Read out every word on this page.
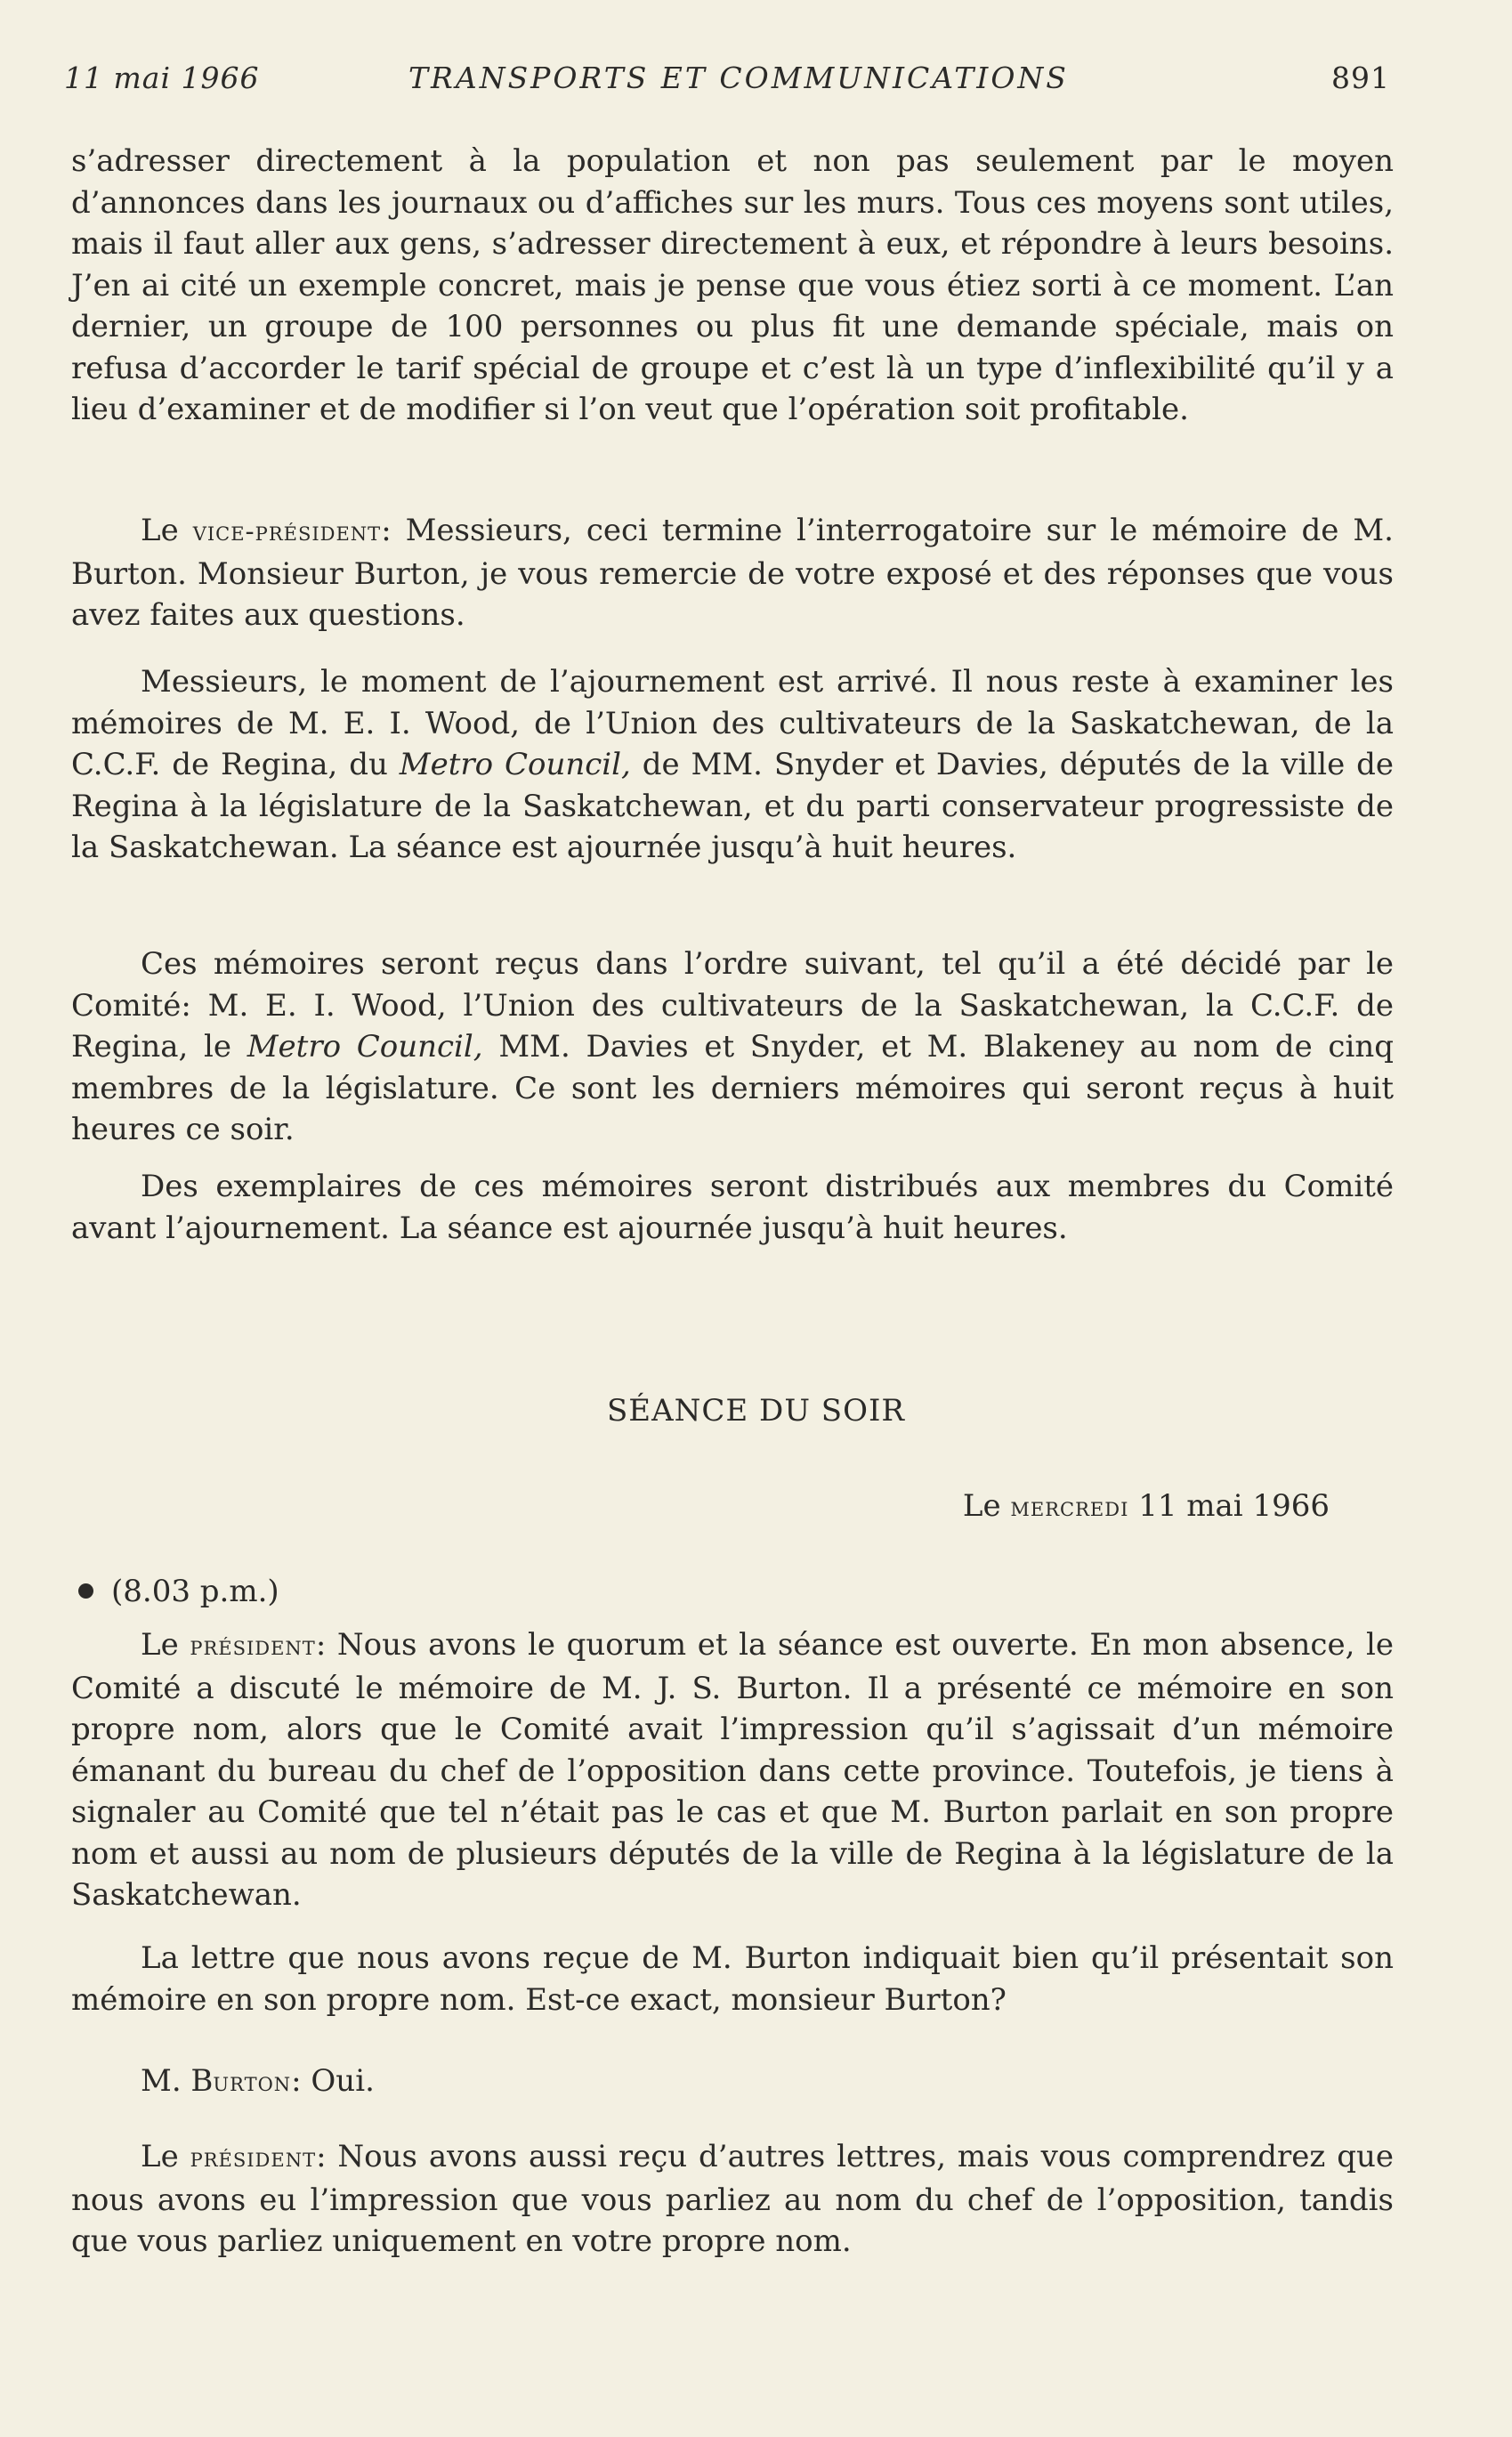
11 mai 1966	TRANSPORTS ET COMMUNICATIONS	891

s’adresser directement à la population et non pas seulement par le moyen d’annonces dans les journaux ou d’affiches sur les murs. Tous ces moyens sont utiles, mais il faut aller aux gens, s’adresser directement à eux, et répondre à leurs besoins. J’en ai cité un exemple concret, mais je pense que vous étiez sorti à ce moment. L’an dernier, un groupe de 100 personnes ou plus fit une demande spéciale, mais on refusa d’accorder le tarif spécial de groupe et c’est là un type d’inflexibilité qu’il y a lieu d’examiner et de modifier si l’on veut que l’opération soit profitable.

Le vice-président: Messieurs, ceci termine l’interrogatoire sur le mémoire de M. Burton. Monsieur Burton, je vous remercie de votre exposé et des réponses que vous avez faites aux questions.

Messieurs, le moment de l’ajournement est arrivé. Il nous reste à examiner les mémoires de M. E. I. Wood, de l’Union des cultivateurs de la Saskatchewan, de la C.C.F. de Regina, du Metro Council, de MM. Snyder et Davies, députés de la ville de Regina à la législature de la Saskatchewan, et du parti conservateur progressiste de la Saskatchewan. La séance est ajournée jusqu’à huit heures.

Ces mémoires seront reçus dans l’ordre suivant, tel qu’il a été décidé par le Comité: M. E. I. Wood, l’Union des cultivateurs de la Saskatchewan, la C.C.F. de Regina, le Metro Council, MM. Davies et Snyder, et M. Blakeney au nom de cinq membres de la législature. Ce sont les derniers mémoires qui seront reçus à huit heures ce soir.

Des exemplaires de ces mémoires seront distribués aux membres du Comité avant l’ajournement. La séance est ajournée jusqu’à huit heures.

SÉANCE DU SOIR
Le mercredi 11 mai 1966
(8.03 p.m.)

Le président: Nous avons le quorum et la séance est ouverte. En mon absence, le Comité a discuté le mémoire de M. J. S. Burton. Il a présenté ce mémoire en son propre nom, alors que le Comité avait l’impression qu’il s’agissait d’un mémoire émanant du bureau du chef de l’opposition dans cette province. Toutefois, je tiens à signaler au Comité que tel n’était pas le cas et que M. Burton parlait en son propre nom et aussi au nom de plusieurs députés de la ville de Regina à la législature de la Saskatchewan.

La lettre que nous avons reçue de M. Burton indiquait bien qu’il présentait son mémoire en son propre nom. Est-ce exact, monsieur Burton?

M. Burton: Oui.

Le président: Nous avons aussi reçu d’autres lettres, mais vous comprendrez que nous avons eu l’impression que vous parliez au nom du chef de l’opposition, tandis que vous parliez uniquement en votre propre nom.
